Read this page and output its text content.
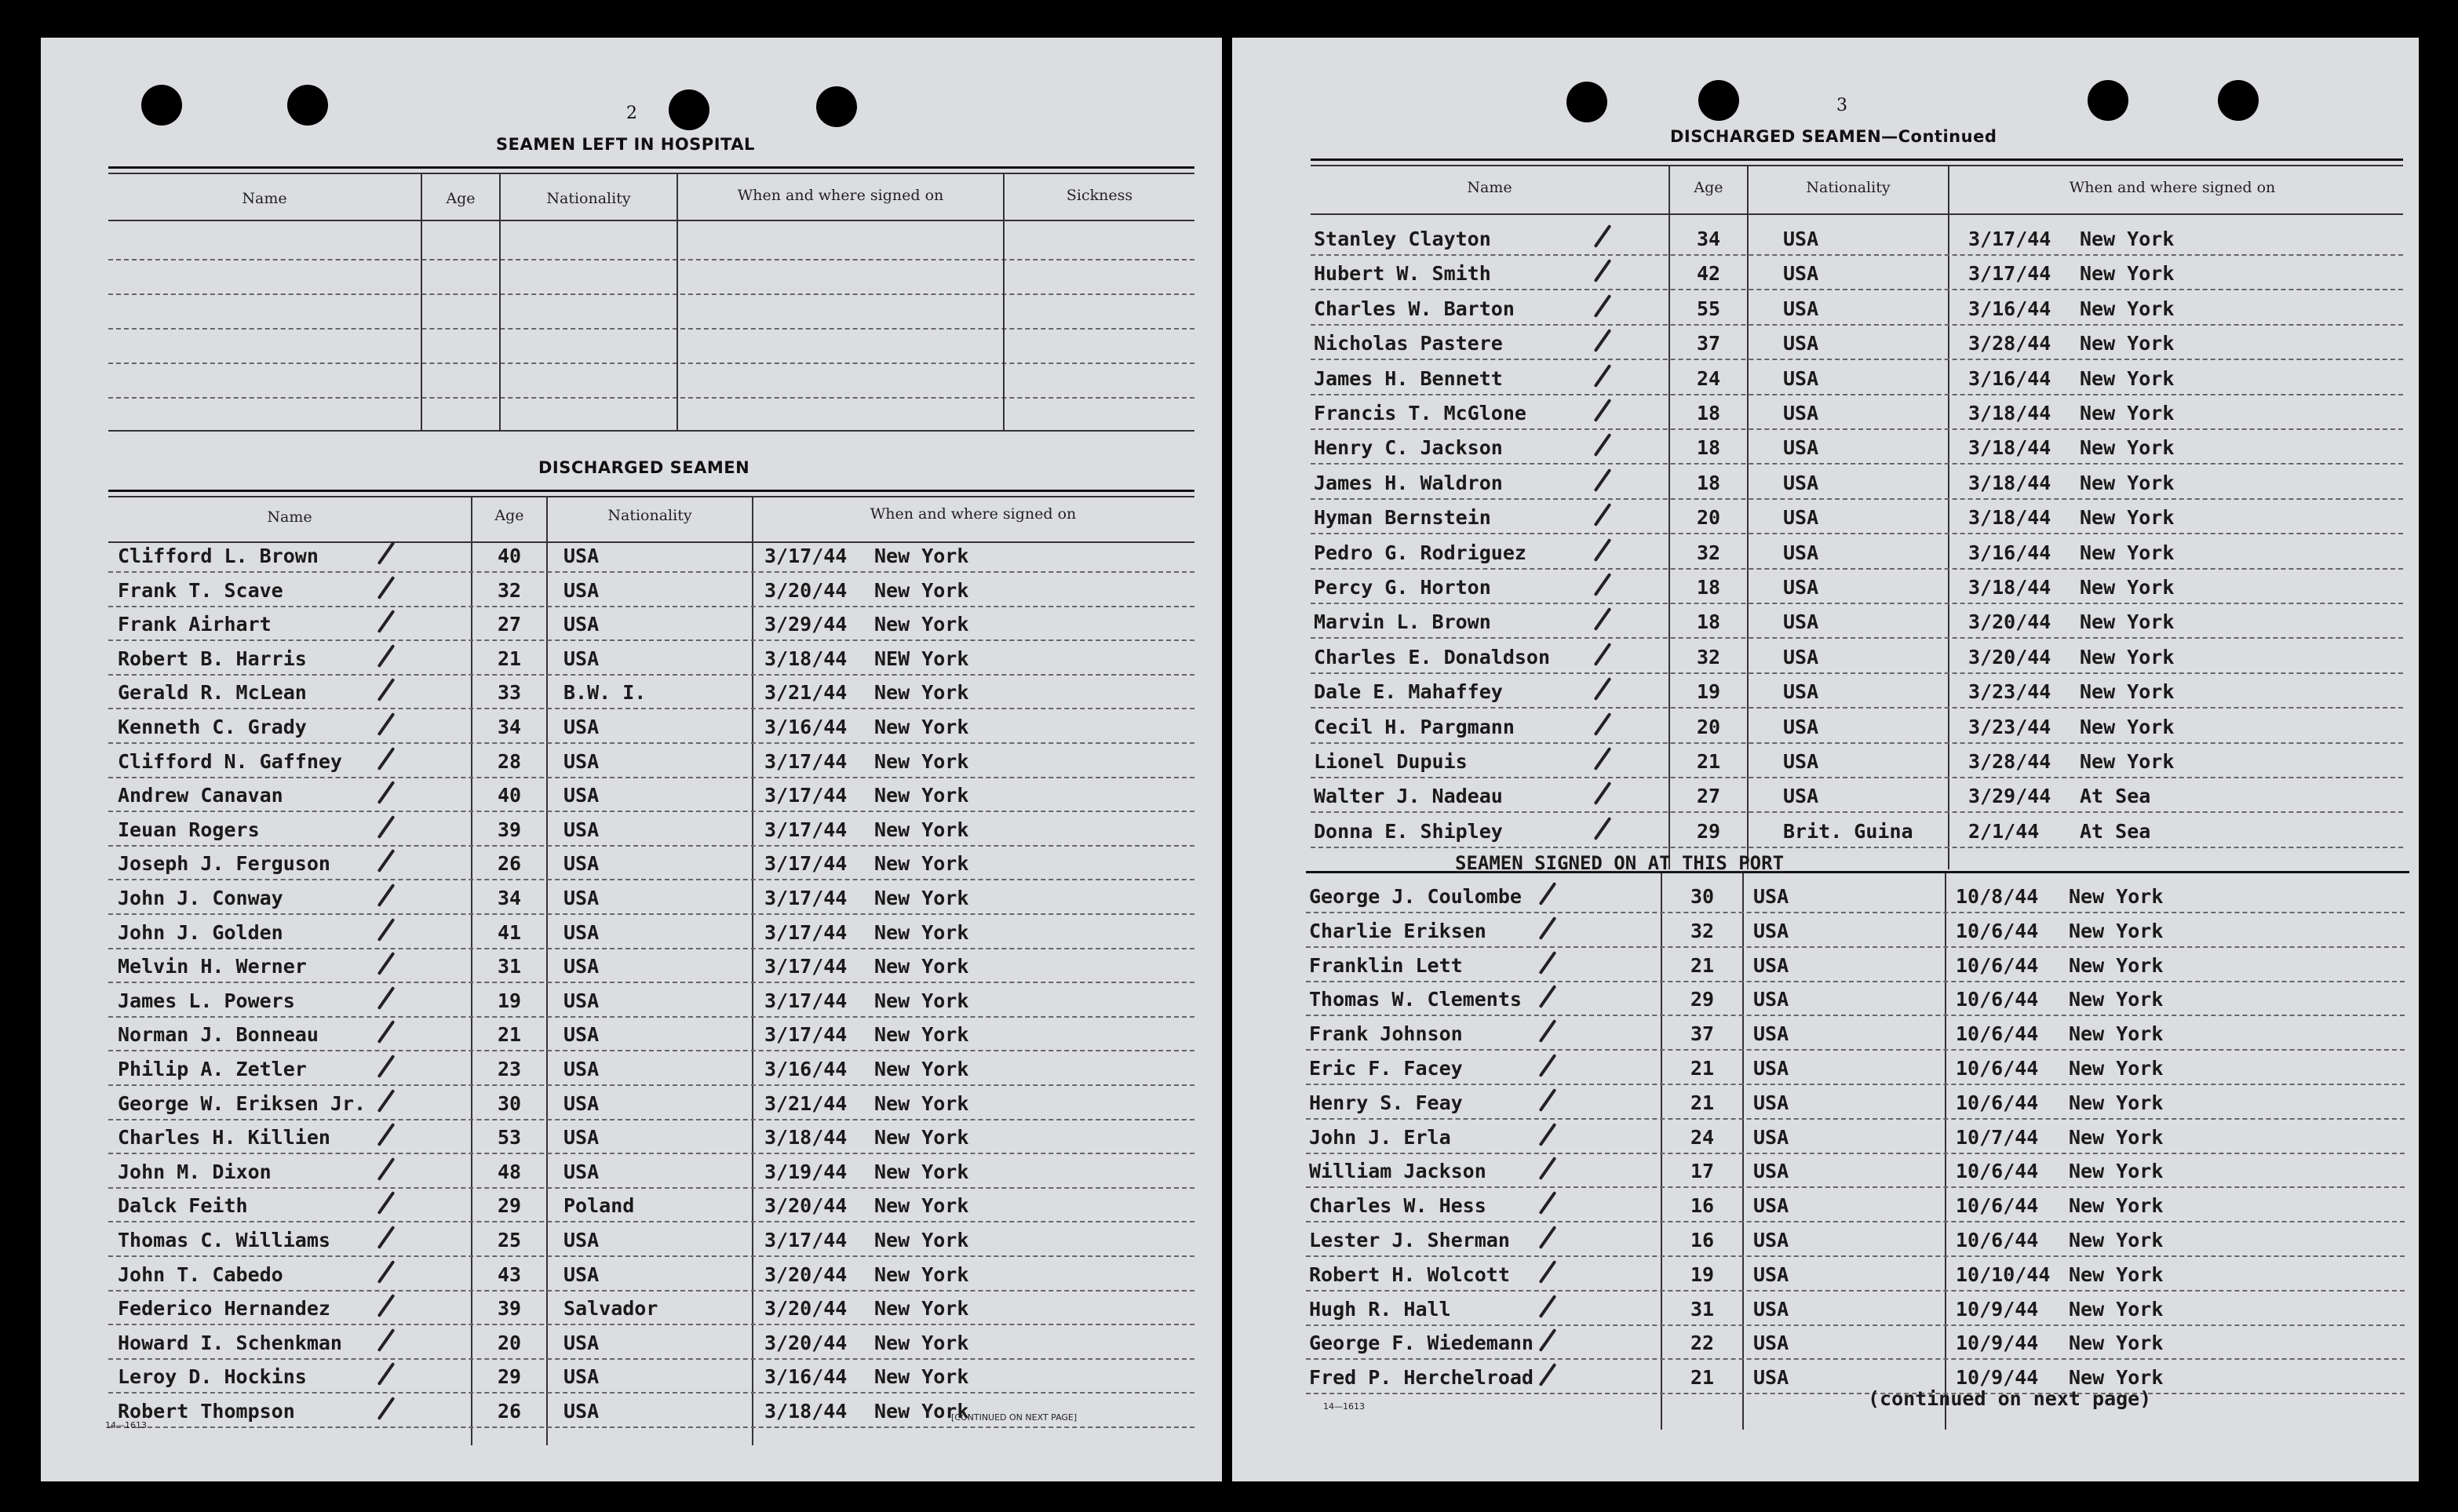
2
SEAMEN LEFT IN HOSPITAL
Name	Age	Nationality	When and where signed on	Sickness
DISCHARGED SEAMEN
Name	Age	Nationality	When and where signed on
Clifford L. Brown	40	USA	3/17/44 New York
Frank T. Scave	32	USA	3/20/44 New York
Frank Airhart	27	USA	3/29/44 New York
Robert B. Harris	21	USA	3/18/44 NEW York
Gerald R. McLean	33	B.W. I.	3/21/44 New York
Kenneth C. Grady	34	USA	3/16/44 New York
Clifford N. Gaffney	28	USA	3/17/44 New York
Andrew Canavan	40	USA	3/17/44 New York
Ieuan Rogers	39	USA	3/17/44 New York
Joseph J. Ferguson	26	USA	3/17/44 New York
John J. Conway	34	USA	3/17/44 New York
John J. Golden	41	USA	3/17/44 New York
Melvin H. Werner	31	USA	3/17/44 New York
James L. Powers	19	USA	3/17/44 New York
Norman J. Bonneau	21	USA	3/17/44 New York
Philip A. Zetler	23	USA	3/16/44 New York
George W. Eriksen Jr.	30	USA	3/21/44 New York
Charles H. Killien	53	USA	3/18/44 New York
John M. Dixon	48	USA	3/19/44 New York
Dalck Feith	29	Poland	3/20/44 New York
Thomas C. Williams	25	USA	3/17/44 New York
John T. Cabedo	43	USA	3/20/44 New York
Federico Hernandez	39	Salvador	3/20/44 New York
Howard I. Schenkman	20	USA	3/20/44 New York
Leroy D. Hockins	29	USA	3/16/44 New York
Robert Thompson	26	USA	3/18/44 New York
14—1613
[CONTINUED ON NEXT PAGE]
3
DISCHARGED SEAMEN—Continued
Name	Age	Nationality	When and where signed on
Stanley Clayton	34	USA	3/17/44 New York
Hubert W. Smith	42	USA	3/17/44 New York
Charles W. Barton	55	USA	3/16/44 New York
Nicholas Pastere	37	USA	3/28/44 New York
James H. Bennett	24	USA	3/16/44 New York
Francis T. McGlone	18	USA	3/18/44 New York
Henry C. Jackson	18	USA	3/18/44 New York
James H. Waldron	18	USA	3/18/44 New York
Hyman Bernstein	20	USA	3/18/44 New York
Pedro G. Rodriguez	32	USA	3/16/44 New York
Percy G. Horton	18	USA	3/18/44 New York
Marvin L. Brown	18	USA	3/20/44 New York
Charles E. Donaldson	32	USA	3/20/44 New York
Dale E. Mahaffey	19	USA	3/23/44 New York
Cecil H. Pargmann	20	USA	3/23/44 New York
Lionel Dupuis	21	USA	3/28/44 New York
Walter J. Nadeau	27	USA	3/29/44 At Sea
Donna E. Shipley	29	Brit. Guina	2/1/44 At Sea
SEAMEN SIGNED ON AT THIS PORT
George J. Coulombe	30	USA	10/8/44 New York
Charlie Eriksen	32	USA	10/6/44 New York
Franklin Lett	21	USA	10/6/44 New York
Thomas W. Clements	29	USA	10/6/44 New York
Frank Johnson	37	USA	10/6/44 New York
Eric F. Facey	21	USA	10/6/44 New York
Henry S. Feay	21	USA	10/6/44 New York
John J. Erla	24	USA	10/7/44 New York
William Jackson	17	USA	10/6/44 New York
Charles W. Hess	16	USA	10/6/44 New York
Lester J. Sherman	16	USA	10/6/44 New York
Robert H. Wolcott	19	USA	10/10/44 New York
Hugh R. Hall	31	USA	10/9/44 New York
George F. Wiedemann	22	USA	10/9/44 New York
Fred P. Herchelroad	21	USA	10/9/44 New York
(continued on next page)
14—1613
